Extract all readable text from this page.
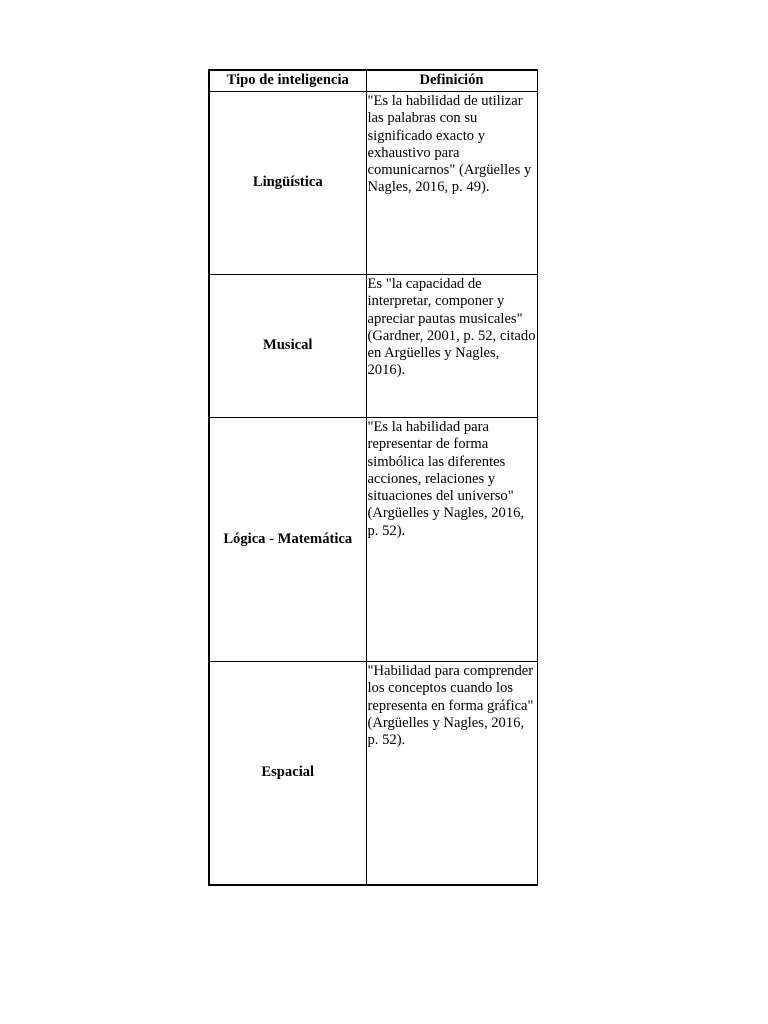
Tipo de inteligencia	Definición
Lingüística	"Es la habilidad de utilizar las palabras con su significado exacto y exhaustivo para comunicarnos" (Argüelles y Nagles, 2016, p. 49).
Musical	Es "la capacidad de interpretar, componer y apreciar pautas musicales" (Gardner, 2001, p. 52, citado en Argüelles y Nagles, 2016).
Lógica - Matemática	"Es la habilidad para representar de forma simbólica las diferentes acciones, relaciones y situaciones del universo" (Argüelles y Nagles, 2016, p. 52).
Espacial	"Habilidad para comprender los conceptos cuando los representa en forma gráfica" (Argüelles y Nagles, 2016, p. 52).
